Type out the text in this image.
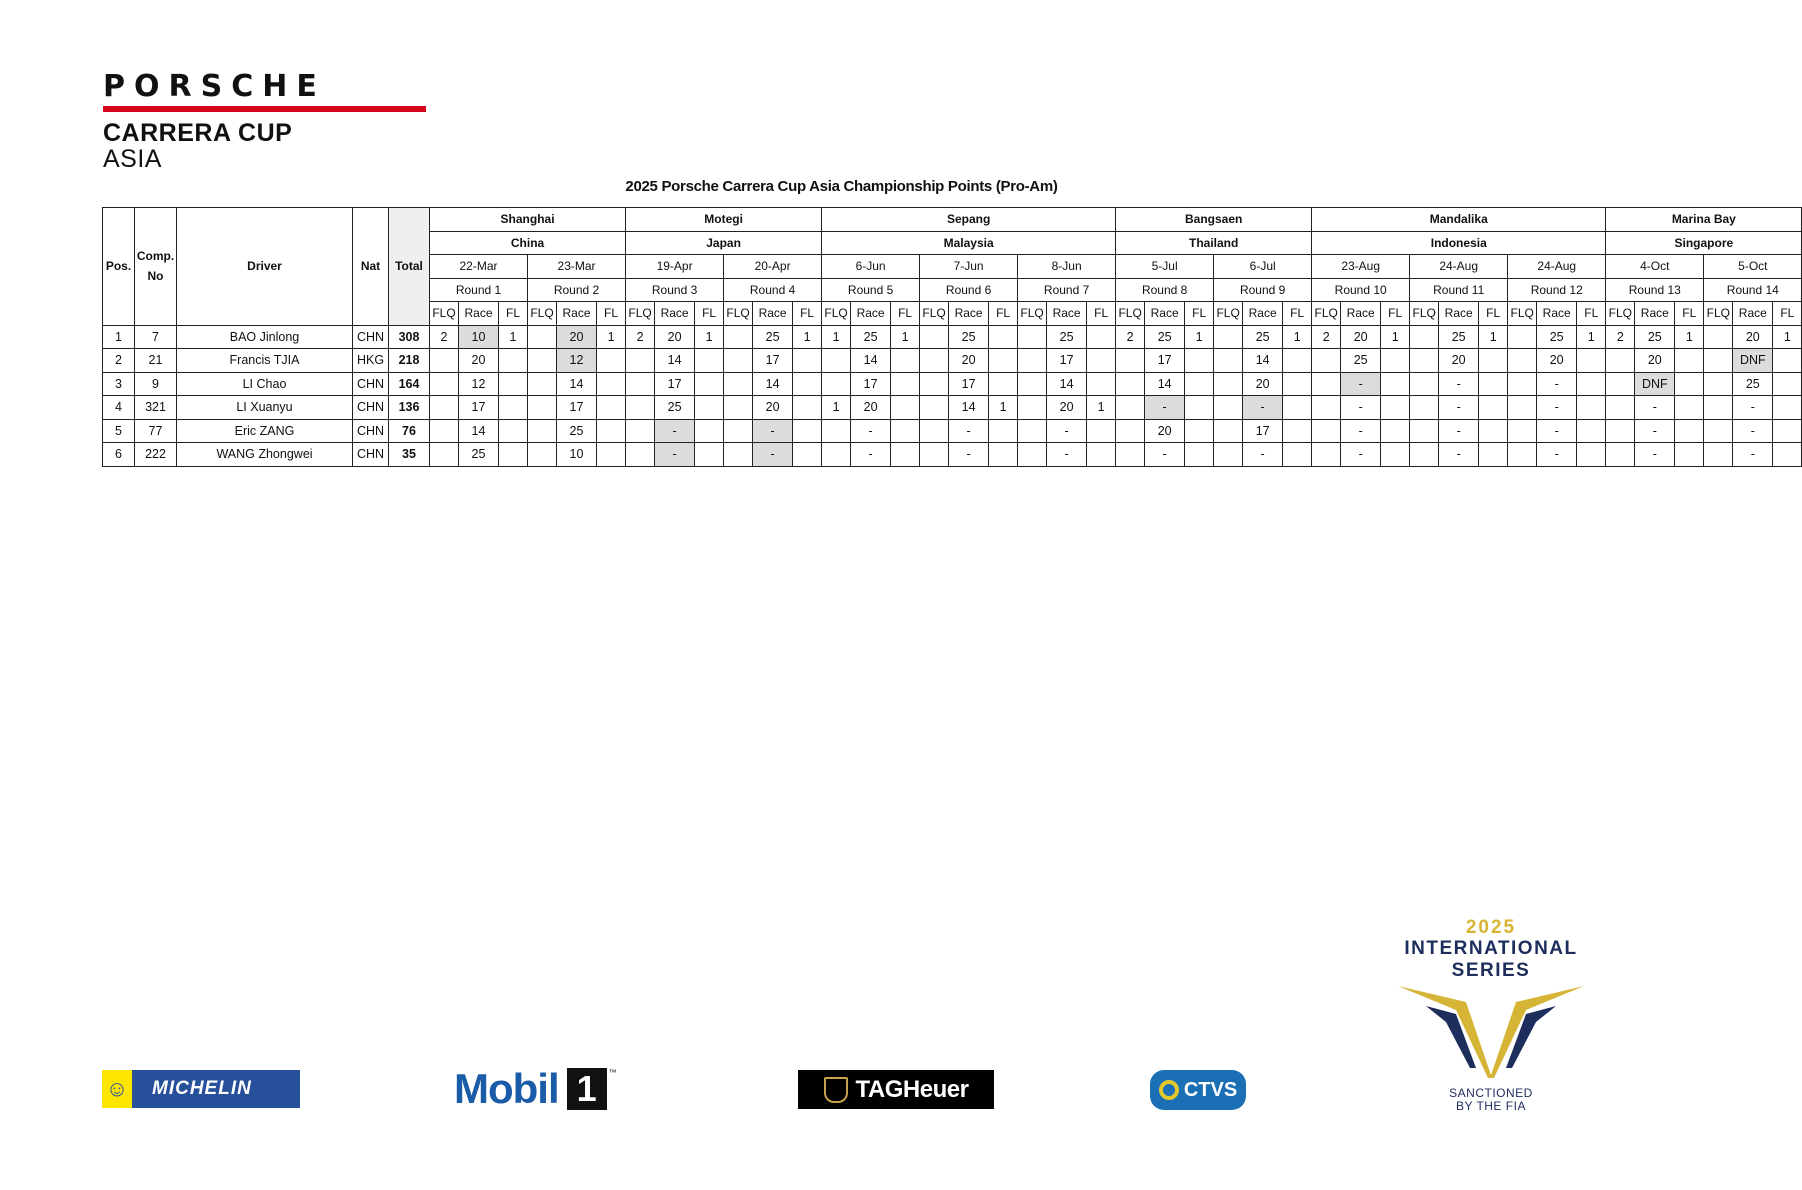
PORSCHE
CARRERA CUP
ASIA
2025 Porsche Carrera Cup Asia Championship Points (Pro-Am)
Pos.	Comp. No	Driver	Nat	Total	Shanghai						Motegi						Sepang									Bangsaen						Mandalika									Marina Bay					
					China						Japan						Malaysia									Thailand						Indonesia									Singapore					
					22-Mar			23-Mar			19-Apr			20-Apr			6-Jun			7-Jun			8-Jun			5-Jul			6-Jul			23-Aug			24-Aug			24-Aug			4-Oct			5-Oct		
					Round 1			Round 2			Round 3			Round 4			Round 5			Round 6			Round 7			Round 8			Round 9			Round 10			Round 11			Round 12			Round 13			Round 14		
					FLQ	Race	FL	FLQ	Race	FL	FLQ	Race	FL	FLQ	Race	FL	FLQ	Race	FL	FLQ	Race	FL	FLQ	Race	FL	FLQ	Race	FL	FLQ	Race	FL	FLQ	Race	FL	FLQ	Race	FL	FLQ	Race	FL	FLQ	Race	FL	FLQ	Race	FL
1	7	BAO Jinlong	CHN	308	2	10	1		20	1	2	20	1		25	1	1	25	1		25			25		2	25	1		25	1	2	20	1		25	1		25	1	2	25	1		20	1
2	21	Francis TJIA	HKG	218		20			12			14			17			14			20			17			17			14			25			20			20			20			DNF	
3	9	LI Chao	CHN	164		12			14			17			14			17			17			14			14			20			-			-			-			DNF			25	
4	321	LI Xuanyu	CHN	136		17			17			25			20		1	20			14	1		20	1		-			-			-			-			-			-			-	
5	77	Eric ZANG	CHN	76		14			25			-			-			-			-			-			20			17			-			-			-			-			-	
6	222	WANG Zhongwei	CHN	35		25			10			-			-			-			-			-			-			-			-			-			-			-			-	
☺ MICHELIN	Mobil 1	™
TAGHeuer	CTVS
2025
INTERNATIONAL
SERIES
SANCTIONED
BY THE FIA
